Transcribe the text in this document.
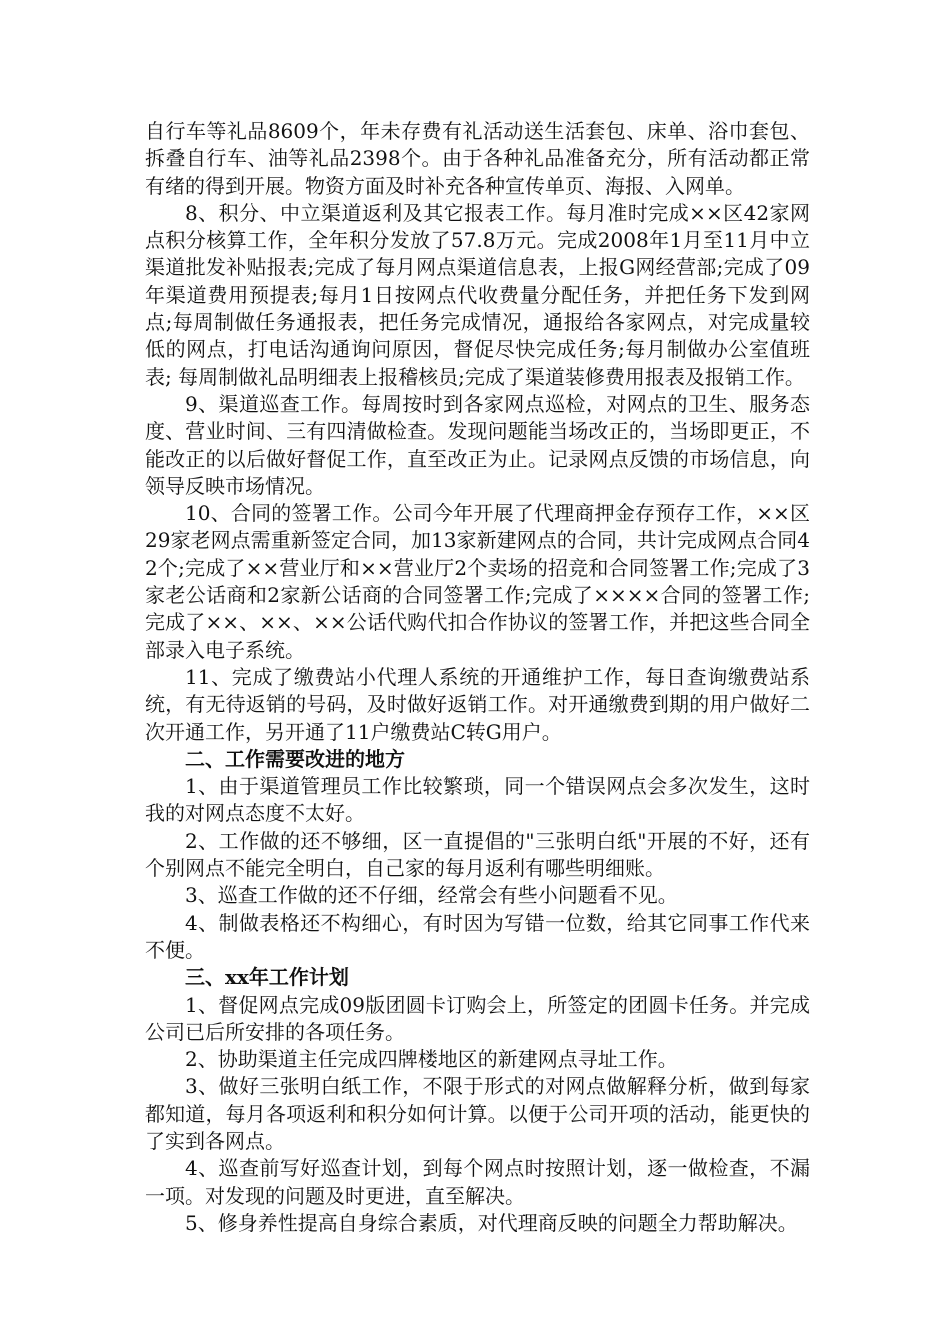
自行车等礼品8609个，年未存费有礼活动送生活套包、床单、浴巾套包、拆叠自行车、油等礼品2398个。由于各种礼品准备充分，所有活动都正常有绪的得到开展。物资方面及时补充各种宣传单页、海报、入网单。

8、积分、中立渠道返利及其它报表工作。每月准时完成××区42家网点积分核算工作，全年积分发放了57.8万元。完成2008年1月至11月中立渠道批发补贴报表;完成了每月网点渠道信息表，上报G网经营部;完成了09年渠道费用预提表;每月1日按网点代收费量分配任务，并把任务下发到网点;每周制做任务通报表，把任务完成情况，通报给各家网点，对完成量较低的网点，打电话沟通询问原因，督促尽快完成任务;每月制做办公室值班表; 每周制做礼品明细表上报稽核员;完成了渠道装修费用报表及报销工作。

9、渠道巡查工作。每周按时到各家网点巡检，对网点的卫生、服务态度、营业时间、三有四清做检查。发现问题能当场改正的，当场即更正，不能改正的以后做好督促工作，直至改正为止。记录网点反馈的市场信息，向领导反映市场情况。

10、合同的签署工作。公司今年开展了代理商押金存预存工作，××区29家老网点需重新签定合同，加13家新建网点的合同，共计完成网点合同42个;完成了××营业厅和××营业厅2个卖场的招竞和合同签署工作;完成了3家老公话商和2家新公话商的合同签署工作;完成了××××合同的签署工作;完成了××、××、××公话代购代扣合作协议的签署工作，并把这些合同全部录入电子系统。

11、完成了缴费站小代理人系统的开通维护工作，每日查询缴费站系统，有无待返销的号码，及时做好返销工作。对开通缴费到期的用户做好二次开通工作，另开通了11户缴费站C转G用户。

二、工作需要改进的地方

1、由于渠道管理员工作比较繁琐，同一个错误网点会多次发生，这时我的对网点态度不太好。

2、工作做的还不够细，区一直提倡的"三张明白纸"开展的不好，还有个别网点不能完全明白，自己家的每月返利有哪些明细账。

3、巡查工作做的还不仔细，经常会有些小问题看不见。

4、制做表格还不构细心，有时因为写错一位数，给其它同事工作代来不便。

三、xx年工作计划

1、督促网点完成09版团圆卡订购会上，所签定的团圆卡任务。并完成公司已后所安排的各项任务。

2、协助渠道主任完成四牌楼地区的新建网点寻址工作。

3、做好三张明白纸工作，不限于形式的对网点做解释分析，做到每家都知道，每月各项返利和积分如何计算。以便于公司开项的活动，能更快的了实到各网点。

4、巡查前写好巡查计划，到每个网点时按照计划，逐一做检查，不漏一项。对发现的问题及时更进，直至解决。

5、修身养性提高自身综合素质，对代理商反映的问题全力帮助解决。
